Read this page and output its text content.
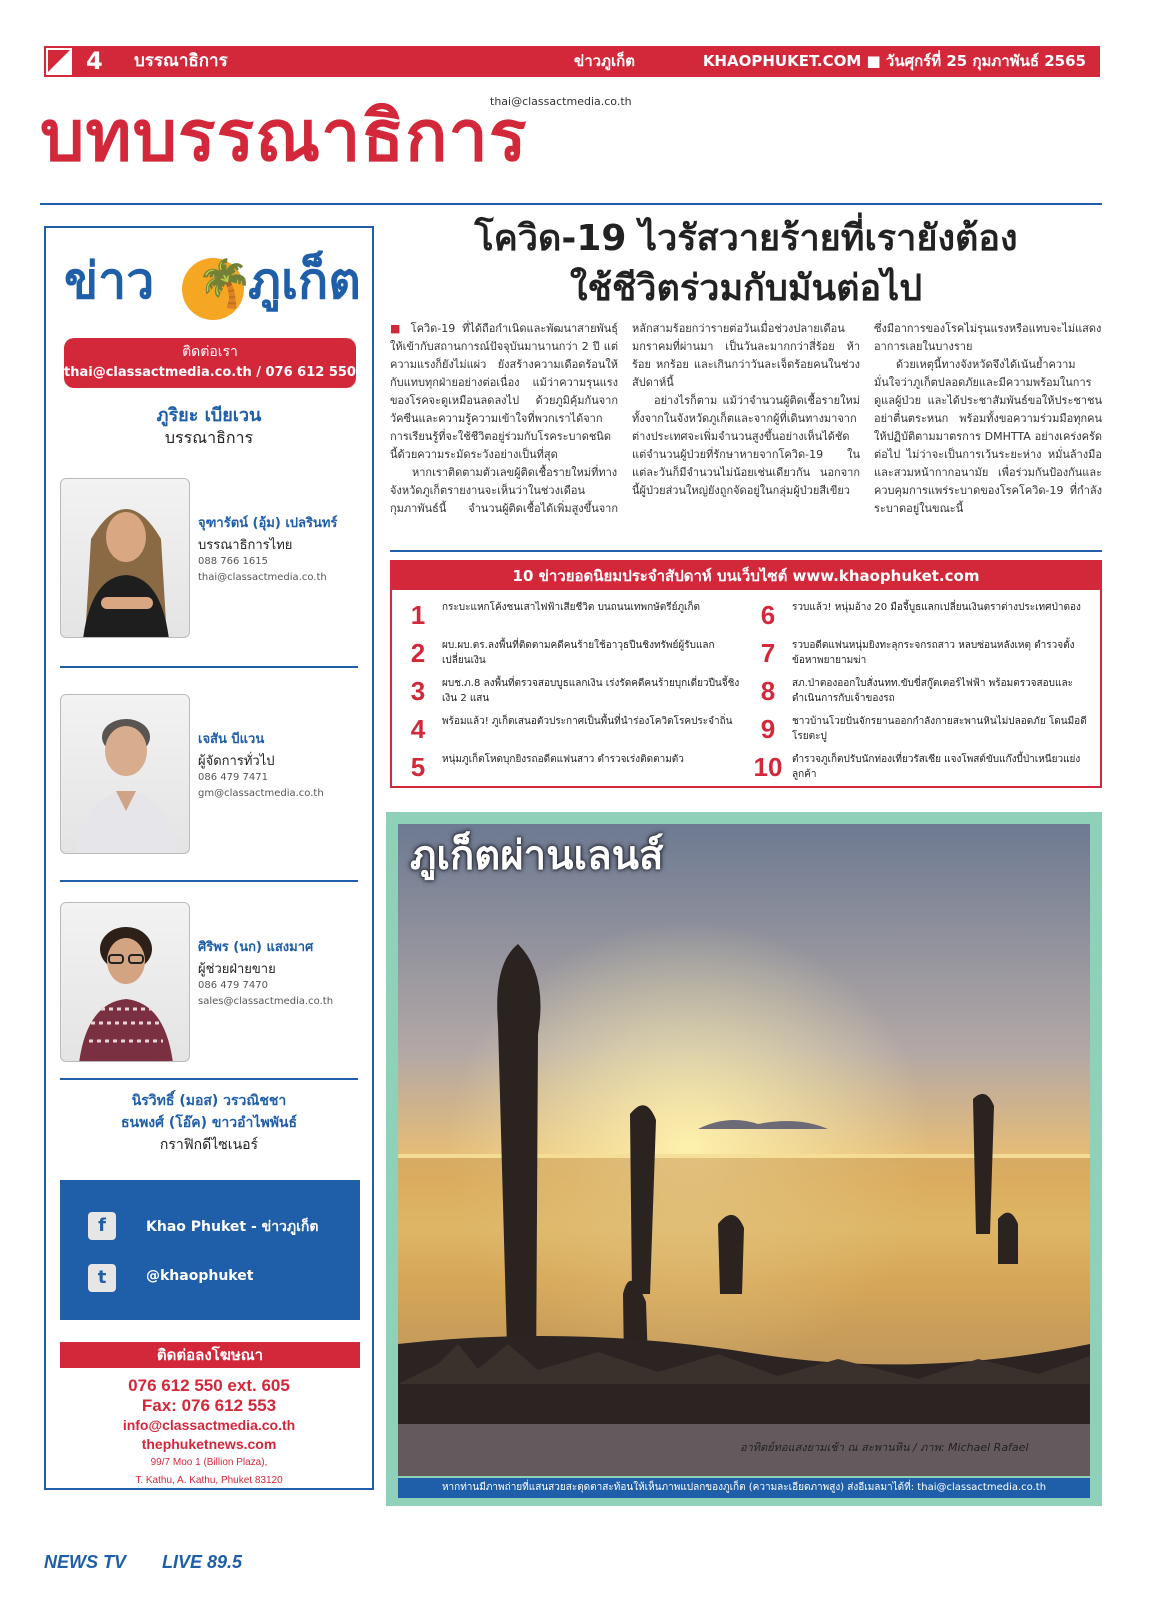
4 บรรณาธิการ	ข่าวภูเก็ต	KHAOPHUKET.COM ■ วันศุกร์ที่ 25 กุมภาพันธ์ 2565
thai@classactmedia.co.th
บทบรรณาธิการ
ข่าว 🌴
ภูเก็ต
ติดต่อเรา
thai@classactmedia.co.th / 076 612 550
ภูริยะ เบียเวน
บรรณาธิการ
จุฑารัตน์ (อุ้ม) เปลรินทร์
บรรณาธิการไทย
088 766 1615
thai@classactmedia.co.th
เจสัน บีแวน
ผู้จัดการทั่วไป
086 479 7471
gm@classactmedia.co.th
ศิริพร (นก) แสงมาศ
ผู้ช่วยฝ่ายขาย
086 479 7470
sales@classactmedia.co.th
นิรวิทธิ์ (มอส) วรวณิชชา
ธนพงศ์ (โอ๊ค) ขาวอำไพพันธ์
กราฟิกดีไซเนอร์
f	Khao Phuket - ข่าวภูเก็ต
t	@khaophuket
ติดต่อลงโฆษณา
076 612 550 ext. 605
Fax: 076 612 553
info@classactmedia.co.th
thephuketnews.com
99/7 Moo 1 (Billion Plaza),
T. Kathu, A. Kathu, Phuket 83120
NEWS TV LIVE 89.5
โควิด-19 ไวรัสวายร้ายที่เรายังต้อง
ใช้ชีวิตร่วมกับมันต่อไป

■ โควิด-19 ที่ได้ถือกำเนิดและพัฒนาสายพันธุ์ให้เข้ากับสถานการณ์ปัจจุบันมานานกว่า 2 ปี แต่ความแรงก็ยังไม่แผ่ว ยังสร้างความเดือดร้อนให้กับแทบทุกฝ่ายอย่างต่อเนื่อง แม้ว่าความรุนแรงของโรคจะดูเหมือนลดลงไป ด้วยภูมิคุ้มกันจากวัคซีนและความรู้ความเข้าใจที่พวกเราได้จากการเรียนรู้ที่จะใช้ชีวิตอยู่ร่วมกับโรคระบาดชนิดนี้ด้วยความระมัดระวังอย่างเป็นที่สุด

หากเราติดตามตัวเลขผู้ติดเชื้อรายใหม่ที่ทางจังหวัดภูเก็ตรายงานจะเห็นว่าในช่วงเดือนกุมภาพันธ์นี้ จำนวนผู้ติดเชื้อได้เพิ่มสูงขึ้นจากหลักสามร้อยกว่ารายต่อวันเมื่อช่วงปลายเดือนมกราคมที่ผ่านมา เป็นวันละมากกว่าสี่ร้อย ห้าร้อย หกร้อย และเกินกว่าวันละเจ็ดร้อยคนในช่วงสัปดาห์นี้

อย่างไรก็ตาม แม้ว่าจำนวนผู้ติดเชื้อรายใหม่ทั้งจากในจังหวัดภูเก็ตและจากผู้ที่เดินทางมาจากต่างประเทศจะเพิ่มจำนวนสูงขึ้นอย่างเห็นได้ชัด แต่จำนวนผู้ป่วยที่รักษาหายจากโควิด-19 ในแต่ละวันก็มีจำนวนไม่น้อยเช่นเดียวกัน นอกจากนี้ผู้ป่วยส่วนใหญ่ยังถูกจัดอยู่ในกลุ่มผู้ป่วยสีเขียว ซึ่งมีอาการของโรคไม่รุนแรงหรือแทบจะไม่แสดงอาการเลยในบางราย

ด้วยเหตุนี้ทางจังหวัดจึงได้เน้นย้ำความมั่นใจว่าภูเก็ตปลอดภัยและมีความพร้อมในการดูแลผู้ป่วย และได้ประชาสัมพันธ์ขอให้ประชาชนอย่าตื่นตระหนก พร้อมทั้งขอความร่วมมือทุกคนให้ปฏิบัติตามมาตรการ DMHTTA อย่างเคร่งครัดต่อไป ไม่ว่าจะเป็นการเว้นระยะห่าง หมั่นล้างมือ และสวมหน้ากากอนามัย เพื่อร่วมกันป้องกันและควบคุมการแพร่ระบาดของโรคโควิด-19 ที่กำลังระบาดอยู่ในขณะนี้

10 ข่าวยอดนิยมประจำสัปดาห์ บนเว็บไซต์ www.khaophuket.com
1	กระบะแหกโค้งชนเสาไฟฟ้าเสียชีวิต บนถนนเทพกษัตรีย์ภูเก็ต
2	ผบ.ผบ.ตร.ลงพื้นที่ติดตามคดีคนร้ายใช้อาวุธปืนชิงทรัพย์ผู้รับแลกเปลี่ยนเงิน
3	ผบช.ภ.8 ลงพื้นที่ตรวจสอบบูธแลกเงิน เร่งรัดคดีคนร้ายบุกเดี่ยวปืนจี้ชิงเงิน 2 แสน
4	พร้อมแล้ว! ภูเก็ตเสนอตัวประกาศเป็นพื้นที่นำร่องโควิดโรคประจำถิ่น
5	หนุ่มภูเก็ตโหดบุกยิงรถอดีตแฟนสาว ตำรวจเร่งติดตามตัว
6	รวบแล้ว! หนุ่มอ้าง 20 มือจี้บูธแลกเปลี่ยนเงินตราต่างประเทศป่าตอง
7	รวบอดีตแฟนหนุ่มยิงทะลุกระจกรถสาว หลบซ่อนหลังเหตุ ตำรวจตั้งข้อหาพยายามฆ่า
8	สภ.ป่าตองออกใบสั่งนทท.ขับขี่สกู๊ตเตอร์ไฟฟ้า พร้อมตรวจสอบและดำเนินการกับเจ้าของรถ
9	ชาวบ้านโวยปั่นจักรยานออกกำลังกายสะพานหินไม่ปลอดภัย โดนมือดีโรยตะปู
10 ตำรวจภูเก็ตปรับนักท่องเที่ยวรัสเซีย แจงโพสต์ขับแก๊งบี้ป่าเหนียวแย่งลูกค้า
ภูเก็ตผ่านเลนส์
อาทิตย์ทอแสงยามเช้า ณ สะพานหิน / ภาพ: Michael Rafael
หากท่านมีภาพถ่ายที่แสนสวยสะดุดตาสะท้อนให้เห็นภาพแปลกของภูเก็ต (ความละเอียดภาพสูง) ส่งอีเมลมาได้ที่: thai@classactmedia.co.th
